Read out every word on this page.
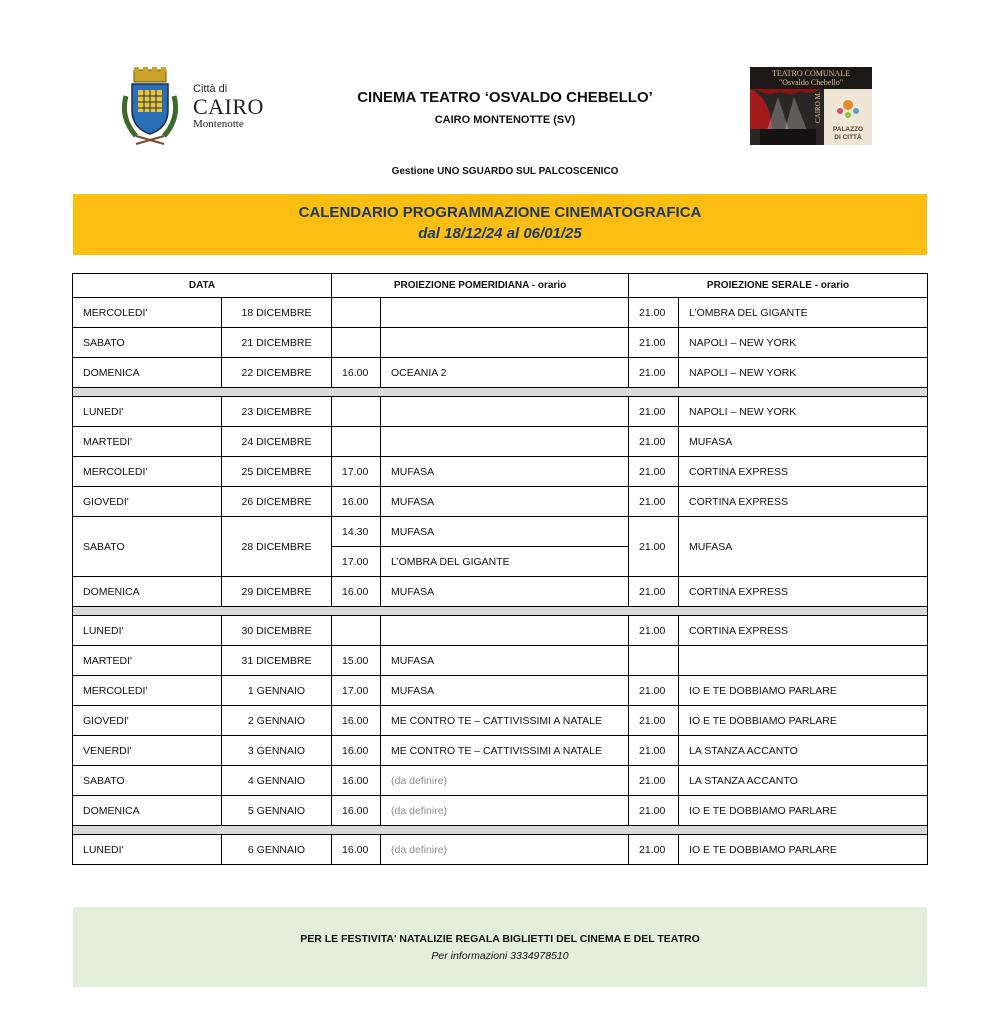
Città di
CAIRO
Montenotte
CINEMA TEATRO ‘OSVALDO CHEBELLO’
CAIRO MONTENOTTE (SV)
TEATRO COMUNALE
"Osvaldo Chebello"
CAIRO M.
PALAZZO
DI CITTÀ
Gestione UNO SGUARDO SUL PALCOSCENICO
CALENDARIO PROGRAMMAZIONE CINEMATOGRAFICA
dal 18/12/24 al 06/01/25
DATA		PROIEZIONE POMERIDIANA - orario		PROIEZIONE SERALE - orario	
MERCOLEDI'	18 DICEMBRE			21.00	L’OMBRA DEL GIGANTE
SABATO	21 DICEMBRE			21.00	NAPOLI – NEW YORK
DOMENICA	22 DICEMBRE	16.00	OCEANIA 2	21.00	NAPOLI – NEW YORK

LUNEDI'	23 DICEMBRE			21.00	NAPOLI – NEW YORK
MARTEDI'	24 DICEMBRE			21.00	MUFASA
MERCOLEDI'	25 DICEMBRE	17.00	MUFASA	21.00	CORTINA EXPRESS
GIOVEDI'	26 DICEMBRE	16.00	MUFASA	21.00	CORTINA EXPRESS
SABATO	28 DICEMBRE	14.30	MUFASA	21.00	MUFASA
		17.00	L’OMBRA DEL GIGANTE		
DOMENICA	29 DICEMBRE	16.00	MUFASA	21.00	CORTINA EXPRESS

LUNEDI'	30 DICEMBRE			21.00	CORTINA EXPRESS
MARTEDI'	31 DICEMBRE	15.00	MUFASA		
MERCOLEDI'	1 GENNAIO	17.00	MUFASA	21.00	IO E TE DOBBIAMO PARLARE
GIOVEDI'	2 GENNAIO	16.00	ME CONTRO TE – CATTIVISSIMI A NATALE	21.00	IO E TE DOBBIAMO PARLARE
VENERDI'	3 GENNAIO	16.00	ME CONTRO TE – CATTIVISSIMI A NATALE	21.00	LA STANZA ACCANTO
SABATO	4 GENNAIO	16.00	(da definire)	21.00	LA STANZA ACCANTO
DOMENICA	5 GENNAIO	16.00	(da definire)	21.00	IO E TE DOBBIAMO PARLARE

LUNEDI'	6 GENNAIO	16.00	(da definire)	21.00	IO E TE DOBBIAMO PARLARE
PER LE FESTIVITA' NATALIZIE REGALA BIGLIETTI DEL CINEMA E DEL TEATRO
Per informazioni 3334978510
